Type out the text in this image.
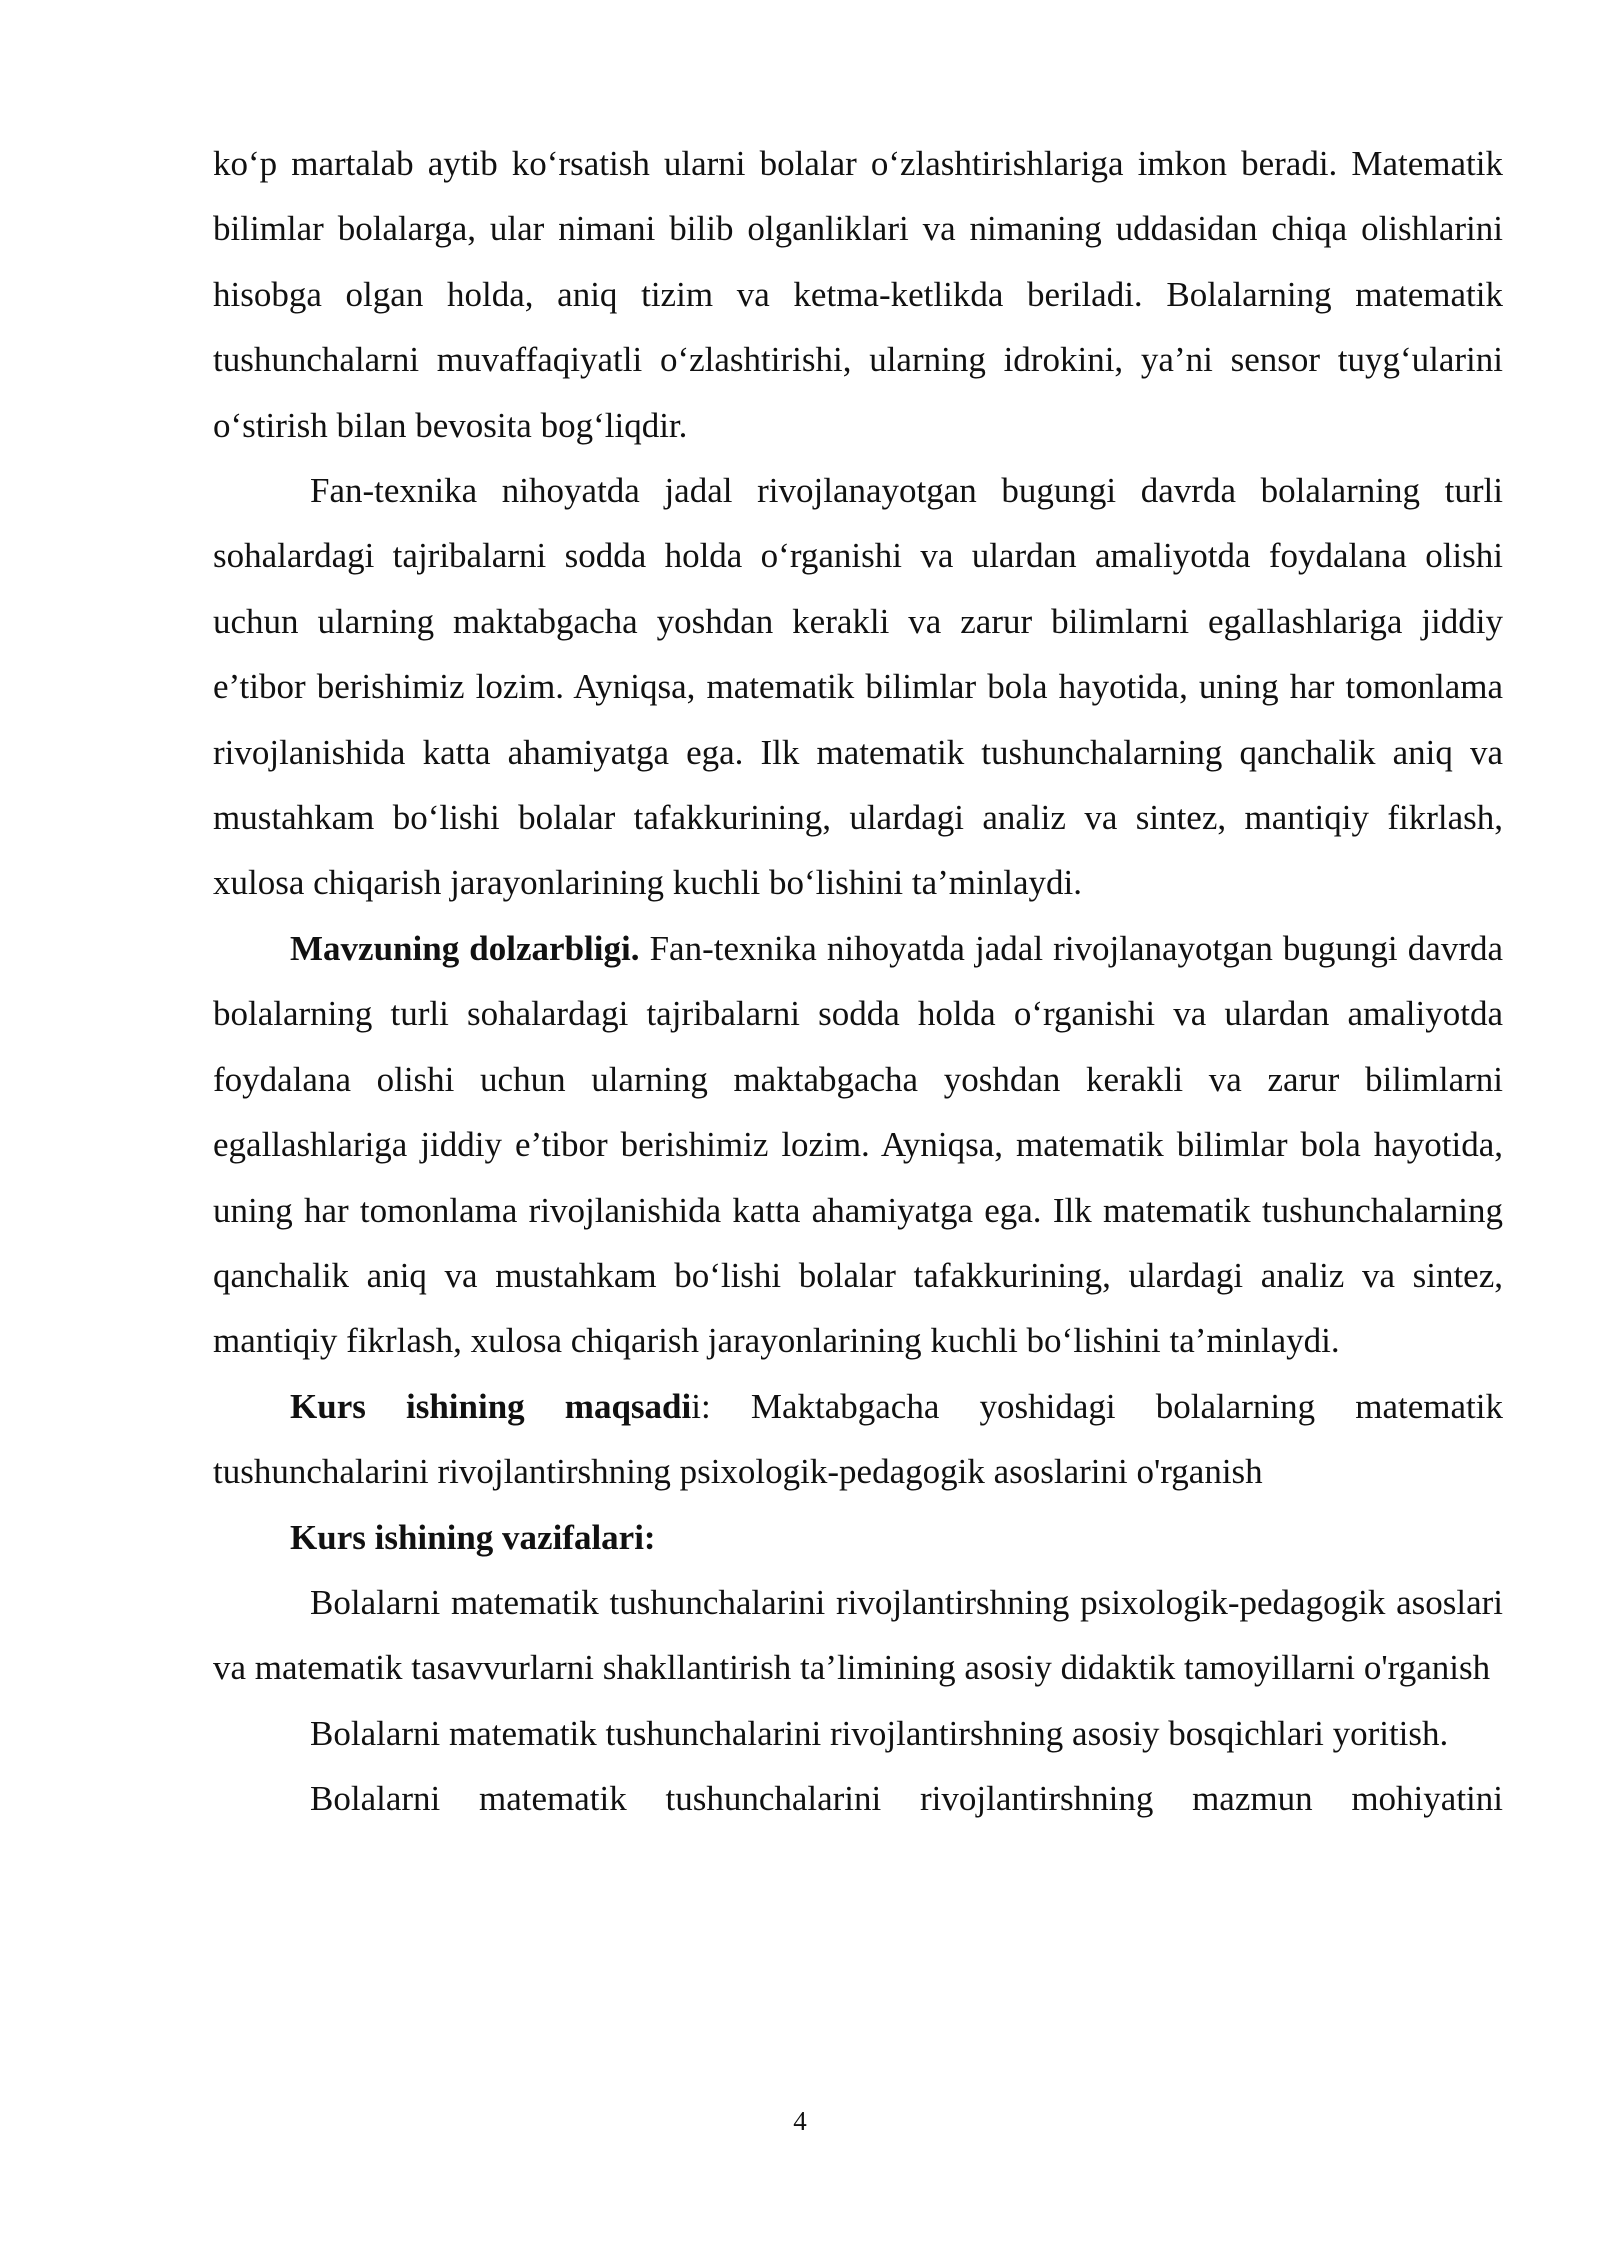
ko‘p martalab aytib ko‘rsatish ularni bolalar o‘zlashtirishlariga imkon beradi. Matematik bilimlar bolalarga, ular nimani bilib olganliklari va nimaning uddasidan chiqa olishlarini hisobga olgan holda, aniq tizim va ketma-ketlikda beriladi. Bolalarning matematik tushunchalarni muvaffaqiyatli o‘zlashtirishi, ularning idrokini, ya’ni sensor tuyg‘ularini o‘stirish bilan bevosita bog‘liqdir.

Fan-texnika nihoyatda jadal rivojlanayotgan bugungi davrda bolalarning turli sohalardagi tajribalarni sodda holda o‘rganishi va ulardan amaliyotda foydalana olishi uchun ularning maktabgacha yoshdan kerakli va zarur bilimlarni egallashlariga jiddiy e’tibor berishimiz lozim. Ayniqsa, matematik bilimlar bola hayotida, uning har tomonlama rivojlanishida katta ahamiyatga ega. Ilk matematik tushunchalarning qanchalik aniq va mustahkam bo‘lishi bolalar tafakkurining, ulardagi analiz va sintez, mantiqiy fikrlash, xulosa chiqarish jarayonlarining kuchli bo‘lishini ta’minlaydi.

Mavzuning dolzarbligi. Fan-texnika nihoyatda jadal rivojlanayotgan bugungi davrda bolalarning turli sohalardagi tajribalarni sodda holda o‘rganishi va ulardan amaliyotda foydalana olishi uchun ularning maktabgacha yoshdan kerakli va zarur bilimlarni egallashlariga jiddiy e’tibor berishimiz lozim. Ayniqsa, matematik bilimlar bola hayotida, uning har tomonlama rivojlanishida katta ahamiyatga ega. Ilk matematik tushunchalarning qanchalik aniq va mustahkam bo‘lishi bolalar tafakkurining, ulardagi analiz va sintez, mantiqiy fikrlash, xulosa chiqarish jarayonlarining kuchli bo‘lishini ta’minlaydi.

Kurs ishining maqsadii: Maktabgacha yoshidagi bolalarning matematik tushunchalarini rivojlantirshning psixologik-pedagogik asoslarini o'rganish

Kurs ishining vazifalari:

Bolalarni matematik tushunchalarini rivojlantirshning psixologik-pedagogik asoslari va matematik tasavvurlarni shakllantirish ta’limining asosiy didaktik tamoyillarni o'rganish

Bolalarni matematik tushunchalarini rivojlantirshning asosiy bosqichlari yoritish.

Bolalarni matematik tushunchalarini rivojlantirshning mazmun mohiyatini

4
